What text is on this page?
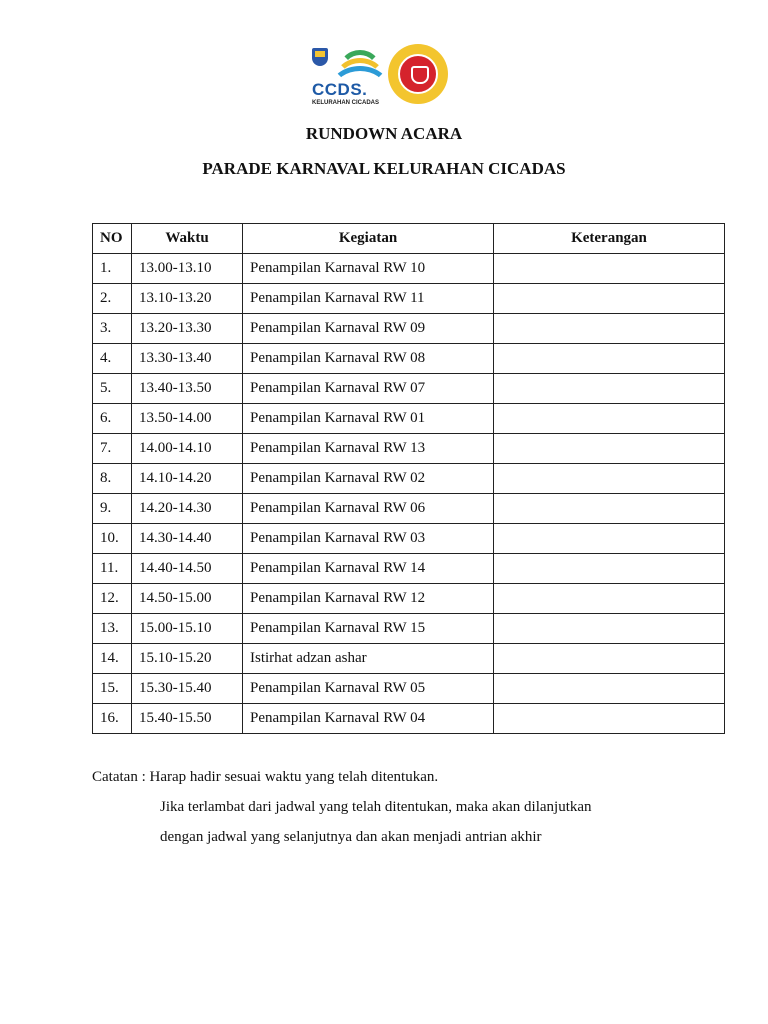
CCDS.
KELURAHAN CICADAS
RUNDOWN ACARA
PARADE KARNAVAL KELURAHAN CICADAS
NO	Waktu	Kegiatan	Keterangan
1.	13.00-13.10	Penampilan Karnaval RW 10	
2.	13.10-13.20	Penampilan Karnaval RW 11	
3.	13.20-13.30	Penampilan Karnaval RW 09	
4.	13.30-13.40	Penampilan Karnaval RW 08	
5.	13.40-13.50	Penampilan Karnaval RW 07	
6.	13.50-14.00	Penampilan Karnaval RW 01	
7.	14.00-14.10	Penampilan Karnaval RW 13	
8.	14.10-14.20	Penampilan Karnaval RW 02	
9.	14.20-14.30	Penampilan Karnaval RW 06	
10.	14.30-14.40	Penampilan Karnaval RW 03	
11.	14.40-14.50	Penampilan Karnaval RW 14	
12.	14.50-15.00	Penampilan Karnaval RW 12	
13.	15.00-15.10	Penampilan Karnaval RW 15	
14.	15.10-15.20	Istirhat adzan ashar	
15.	15.30-15.40	Penampilan Karnaval RW 05	
16.	15.40-15.50	Penampilan Karnaval RW 04	
Catatan : Harap hadir sesuai waktu yang telah ditentukan.
Jika terlambat dari jadwal yang telah ditentukan, maka akan dilanjutkan
dengan jadwal yang selanjutnya dan akan menjadi antrian akhir
